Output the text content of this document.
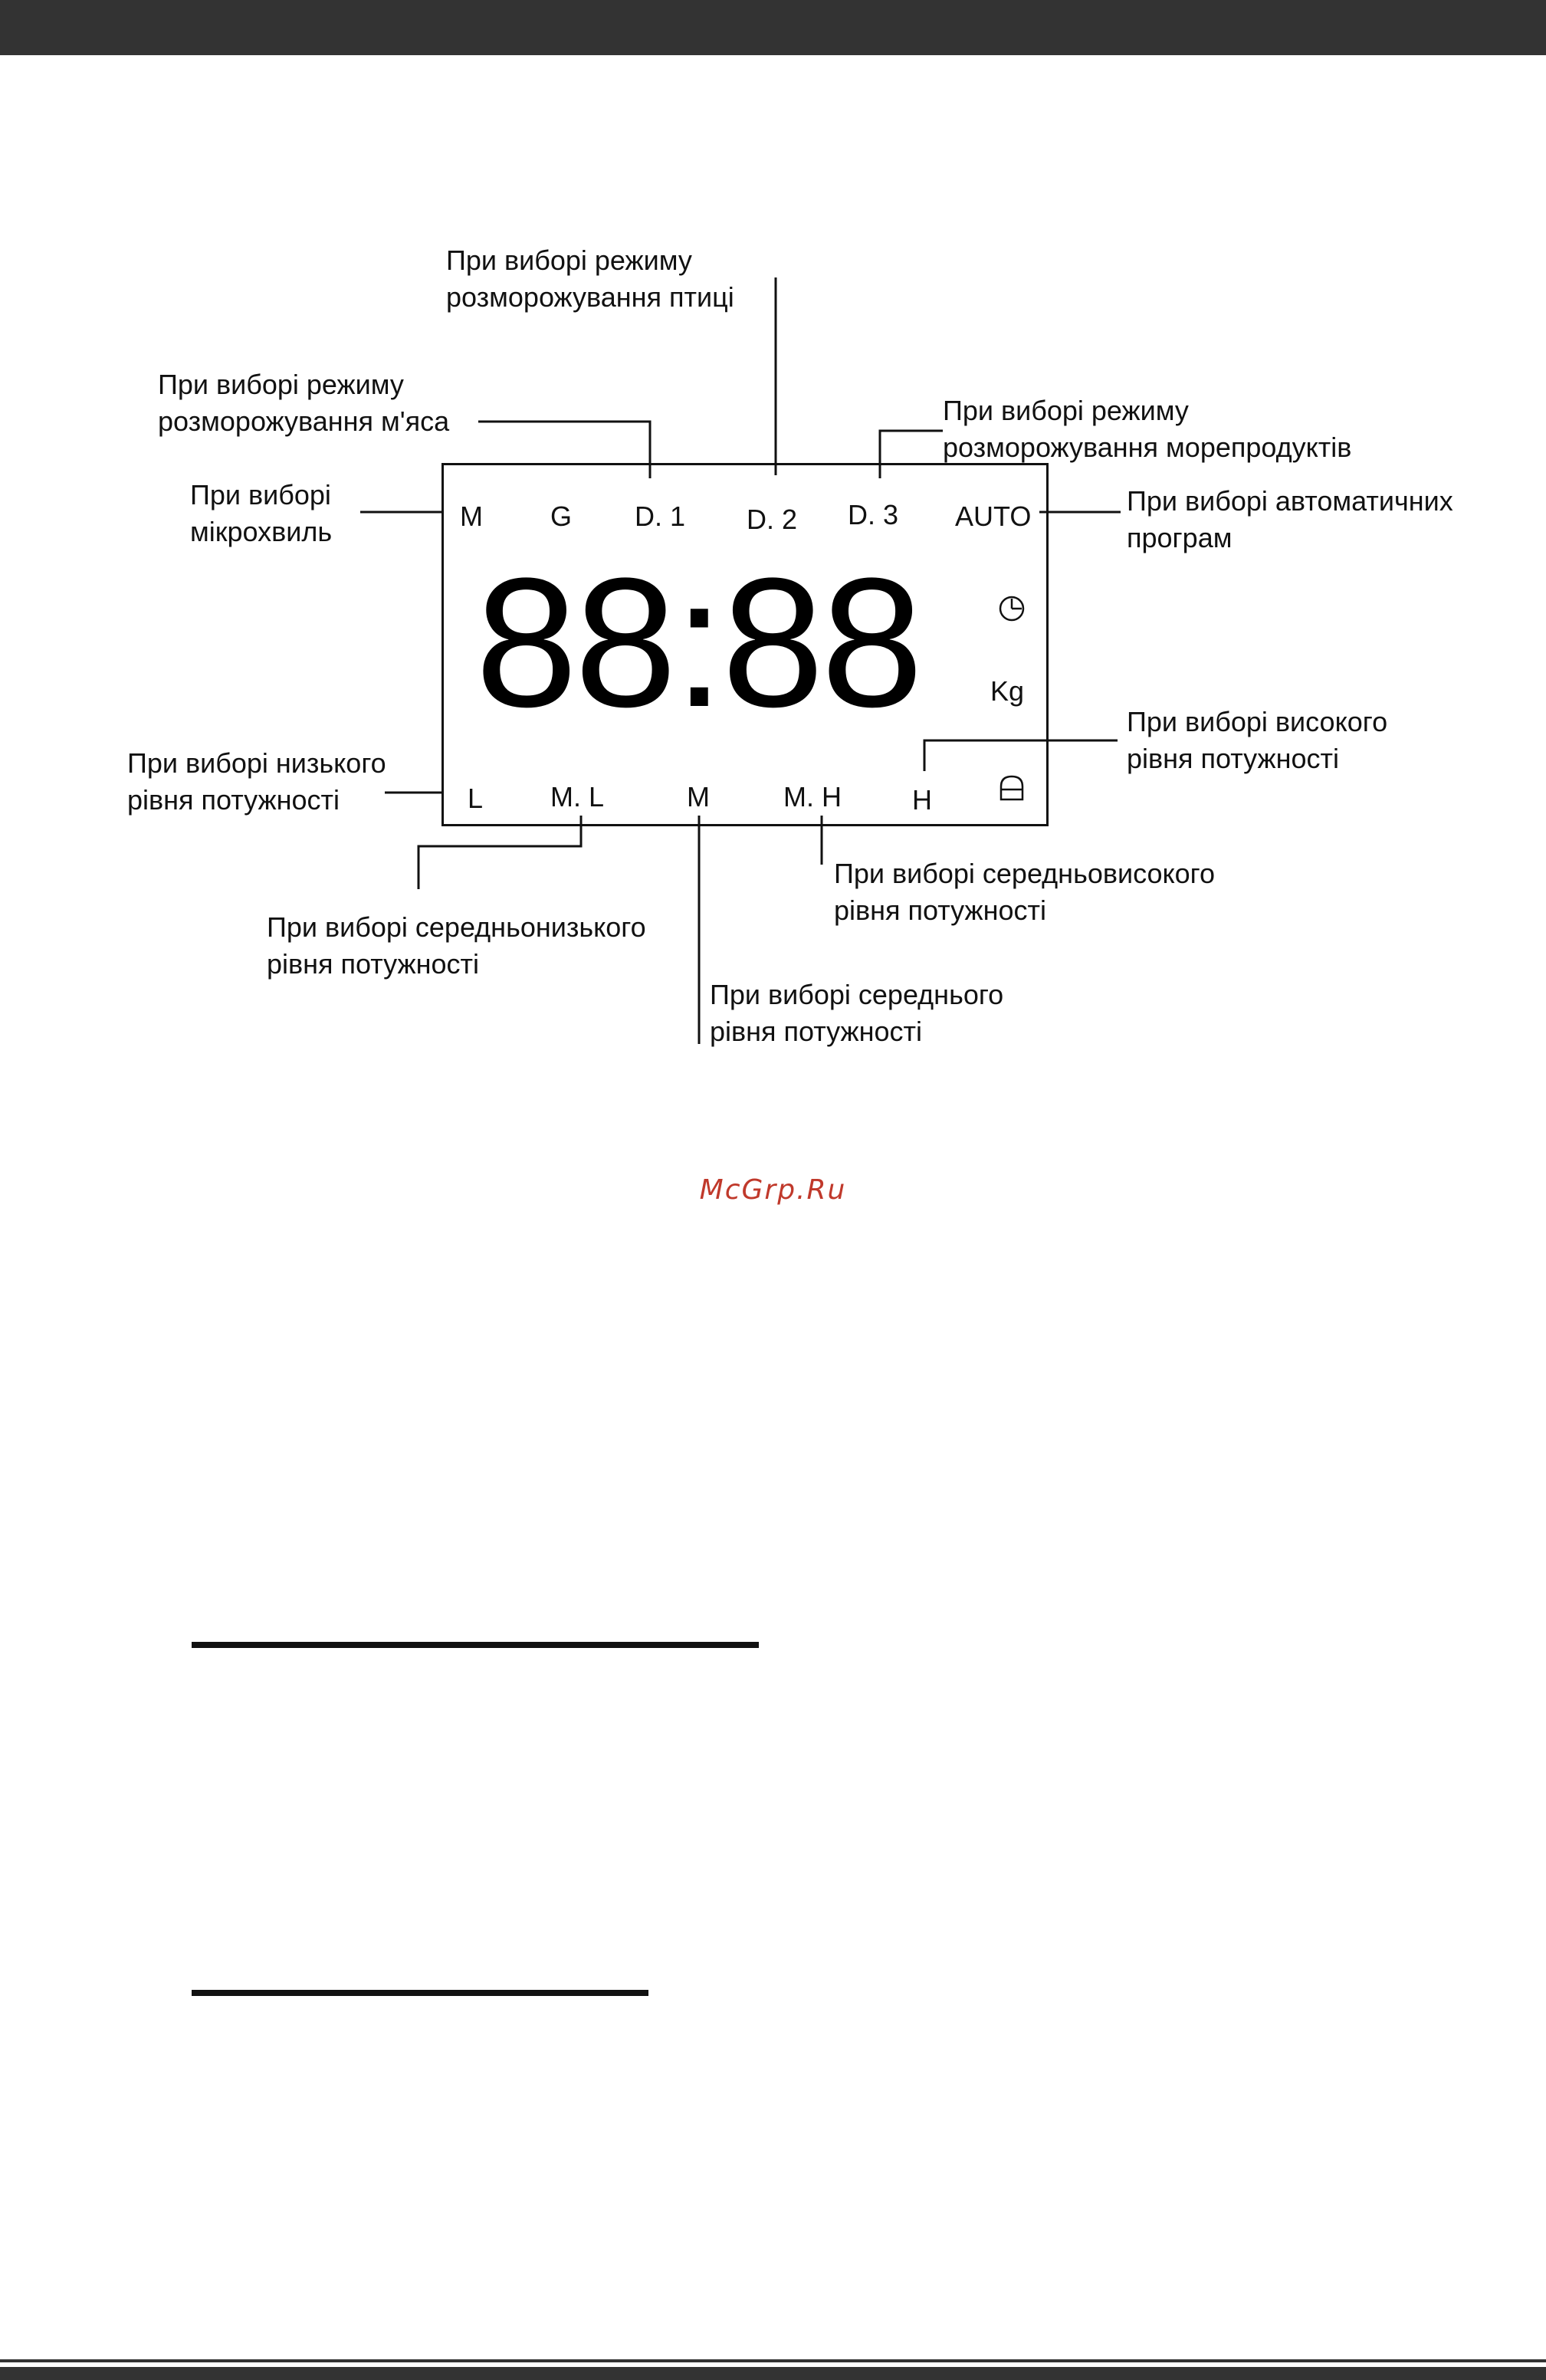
M G D. 1 D. 2 D. 3 AUTO
88:88	Kg
L M. L	M	M. H	H
При виборі режиму
розморожування птиці
При виборі режиму
розморожування м'яса	При виборі режиму
розморожування морепродуктів
При виборі
мікрохвиль
При виборі автоматичних
програм
При виборі високого
рівня потужності
При виборі низького
рівня потужності
При виборі середньонизького
рівня потужності
При виборі середньовисокого
рівня потужності
При виборі середнього
рівня потужності
McGrp.Ru
